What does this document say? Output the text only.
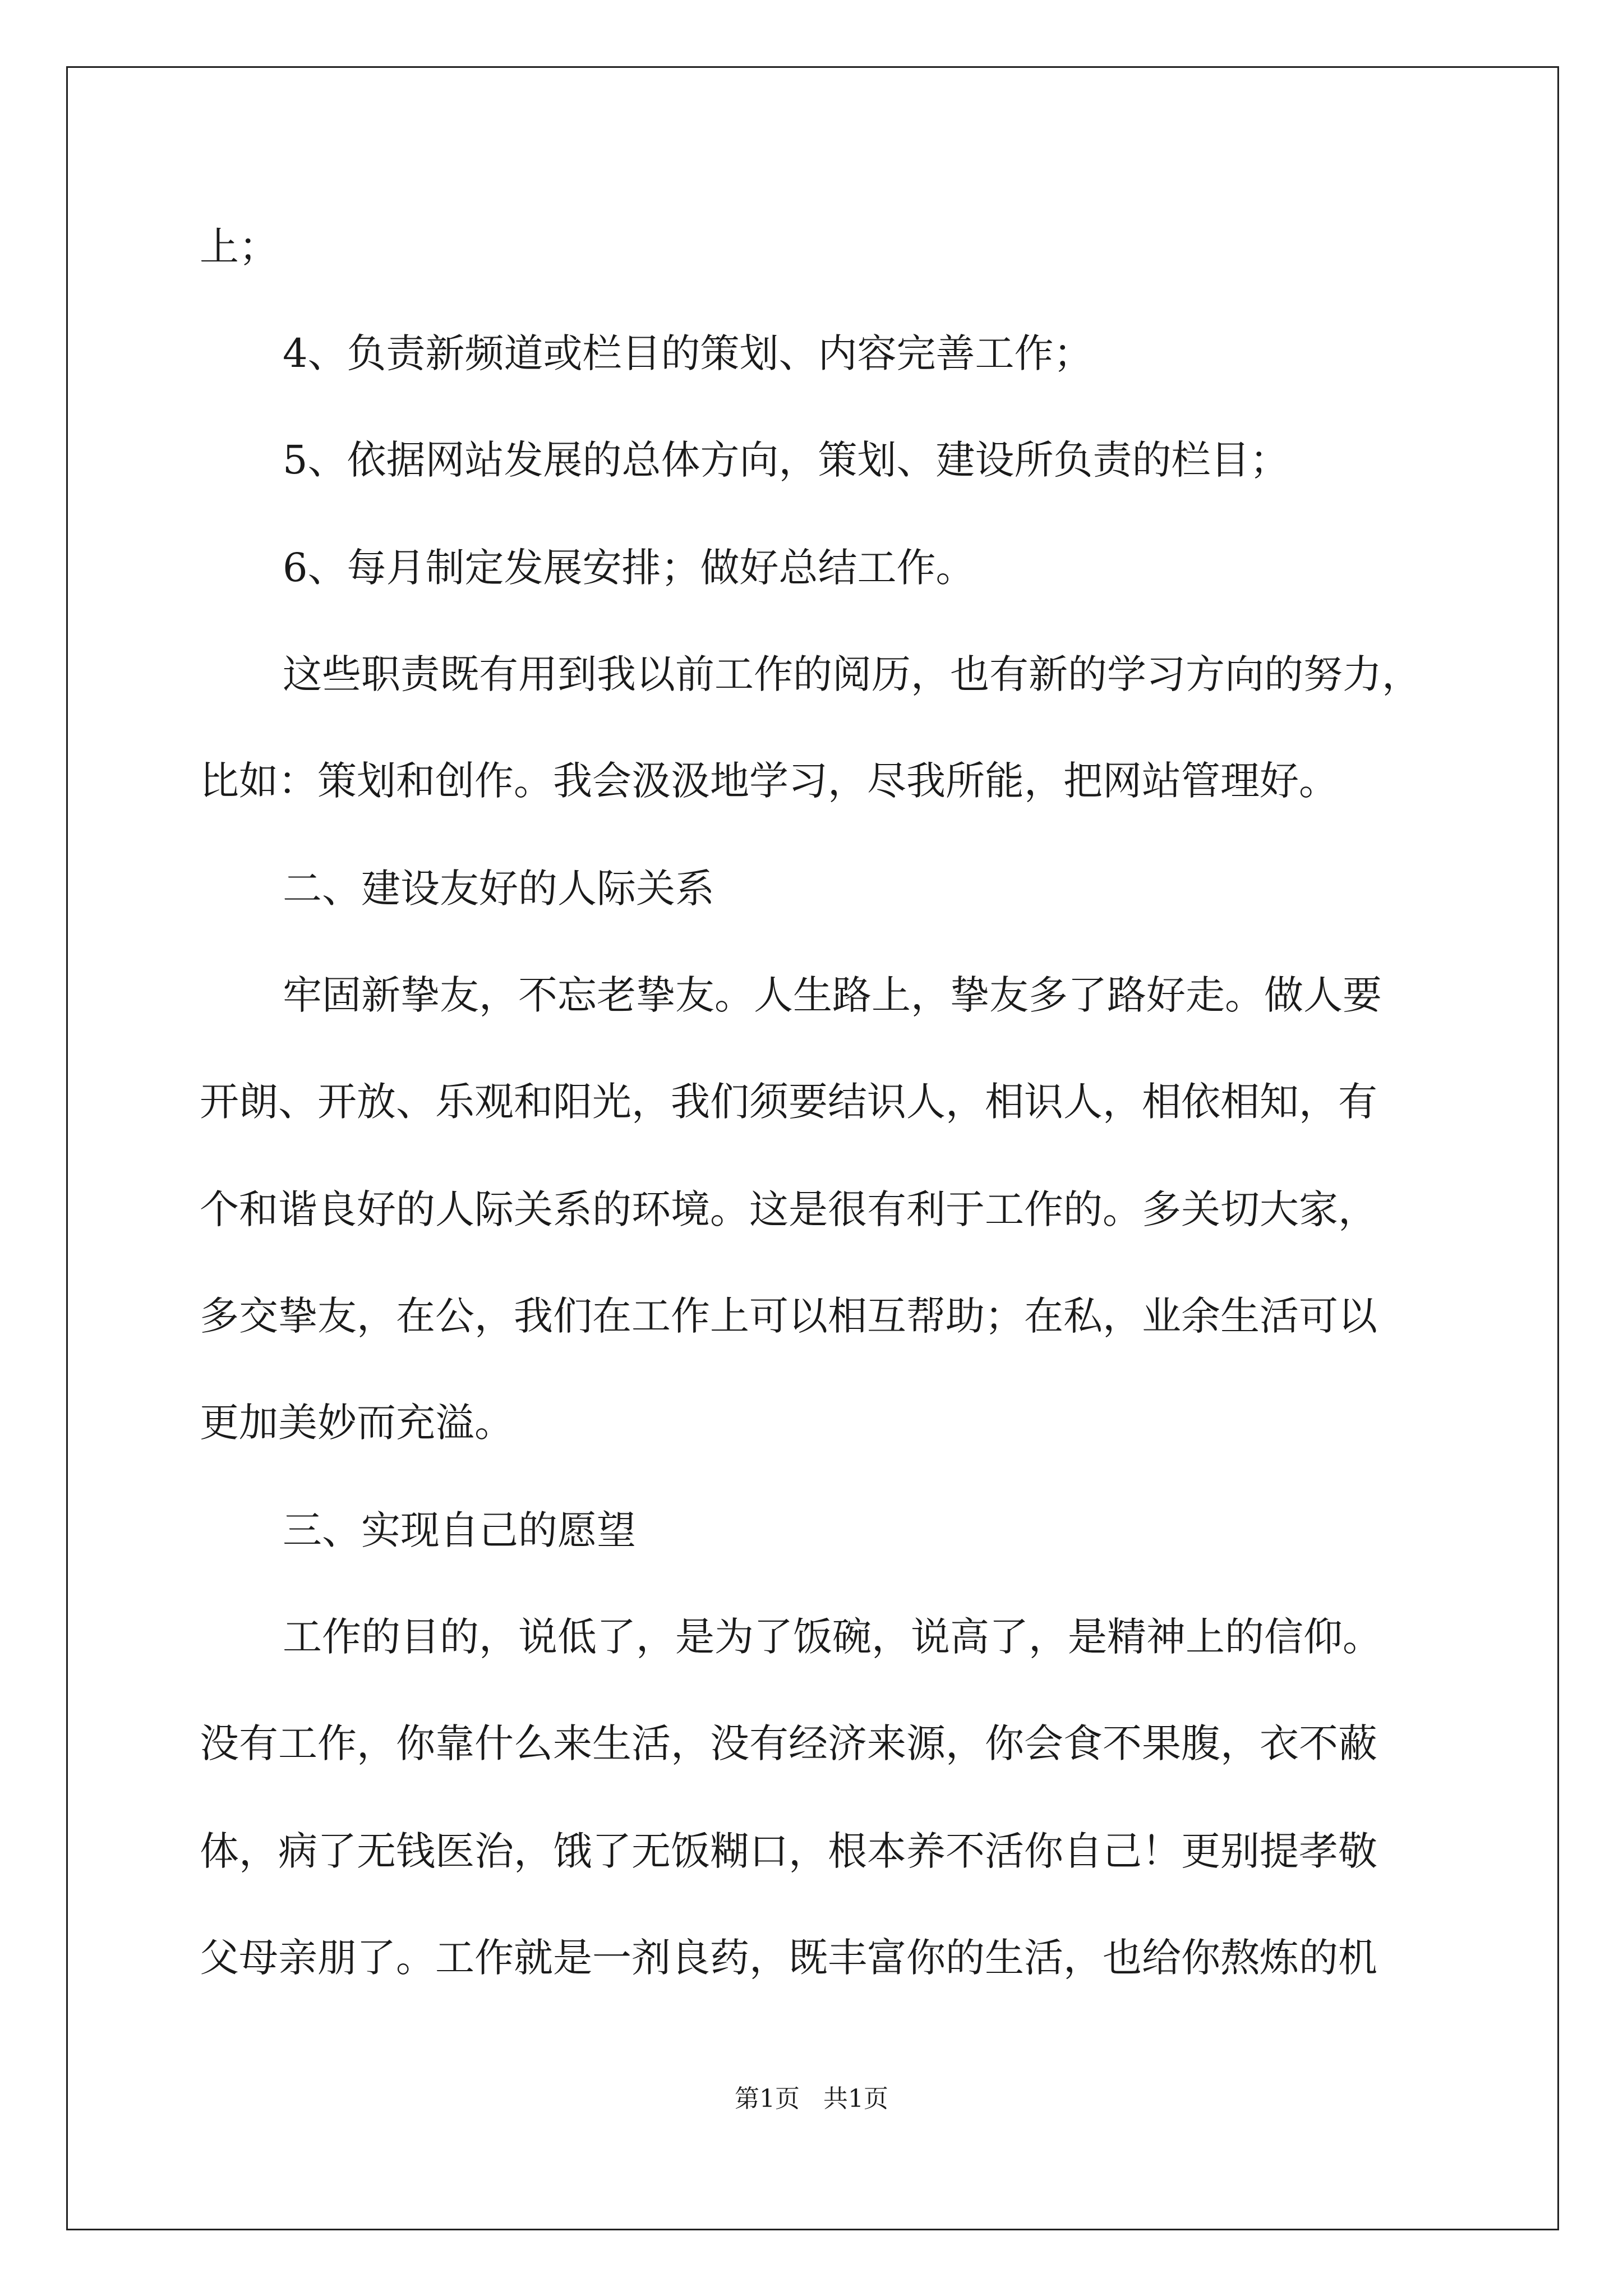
上；
4、负责新频道或栏目的策划、内容完善工作；
5、依据网站发展的总体方向，策划、建设所负责的栏目；
6、每月制定发展安排；做好总结工作。
这些职责既有用到我以前工作的阅历，也有新的学习方向的努力，
比如：策划和创作。我会汲汲地学习，尽我所能，把网站管理好。
二、建设友好的人际关系
牢固新挚友，不忘老挚友。人生路上，挚友多了路好走。做人要
开朗、开放、乐观和阳光，我们须要结识人，相识人，相依相知，有
个和谐良好的人际关系的环境。这是很有利于工作的。多关切大家，
多交挚友，在公，我们在工作上可以相互帮助；在私，业余生活可以
更加美妙而充溢。
三、实现自己的愿望
工作的目的，说低了，是为了饭碗，说高了，是精神上的信仰。
没有工作，你靠什么来生活，没有经济来源，你会食不果腹，衣不蔽
体，病了无钱医治，饿了无饭糊口，根本养不活你自己！更别提孝敬
父母亲朋了。工作就是一剂良药，既丰富你的生活，也给你熬炼的机
第1页   共1页
